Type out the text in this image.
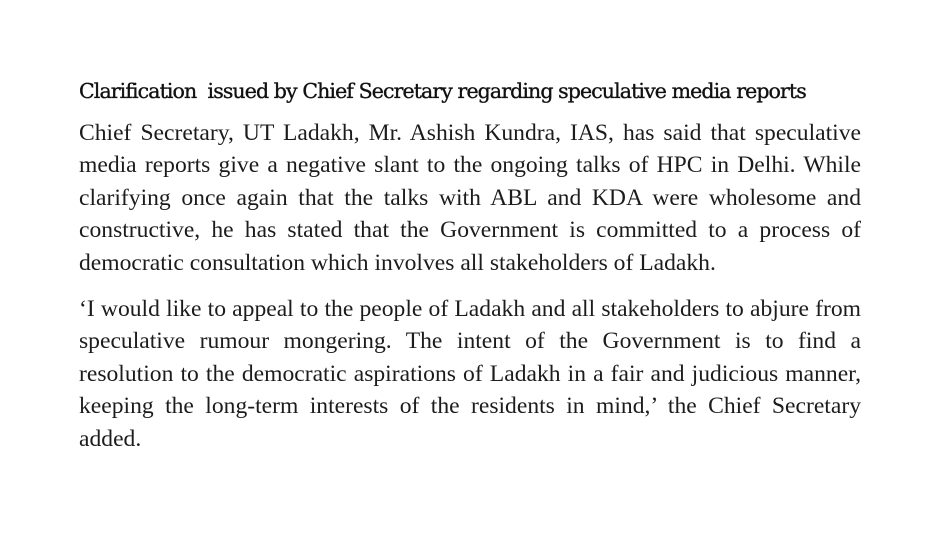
Clarification  issued by Chief Secretary regarding speculative media reports

Chief Secretary, UT Ladakh, Mr. Ashish Kundra, IAS, has said that speculative media reports give a negative slant to the ongoing talks of HPC in Delhi. While clarifying once again that the talks with ABL and KDA were wholesome and constructive, he has stated that the Government is committed to a process of democratic consultation which involves all stakeholders of Ladakh.

‘I would like to appeal to the people of Ladakh and all stakeholders to abjure from speculative rumour mongering. The intent of the Government is to find a resolution to the democratic aspirations of Ladakh in a fair and judicious manner, keeping the long-term interests of the residents in mind,’ the Chief Secretary added.
